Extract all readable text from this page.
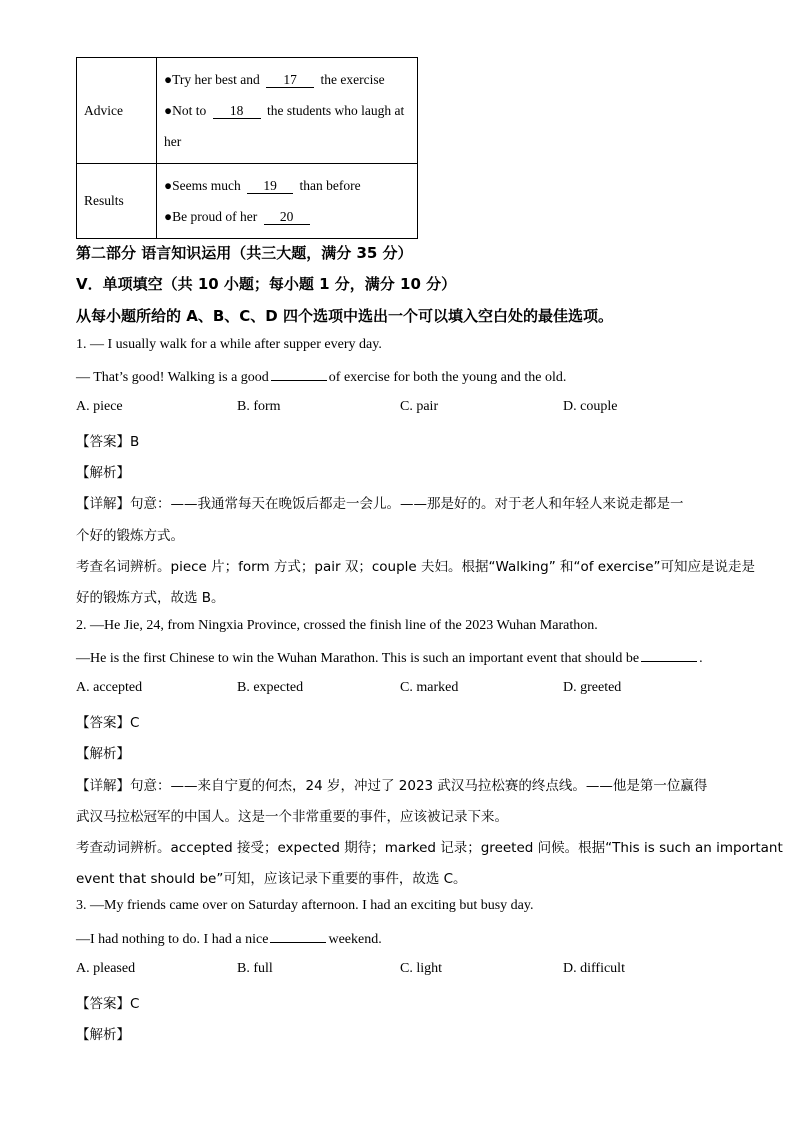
Advice	●Try her best and 17 the exercise
●Not to 18 the students who laugh at
her

Results	●Seems much 19 than before
●Be proud of her 20
第二部分 语言知识运用（共三大题，满分 35 分）
V．单项填空（共 10 小题；每小题 1 分，满分 10 分）
从每小题所给的 A、B、C、D 四个选项中选出一个可以填入空白处的最佳选项。
1. — I usually walk for a while after supper every day.
— That’s good! Walking is a good	of exercise for both the young and the old.
A. piece	B. form	C. pair	D. couple
【答案】B
【解析】
【详解】句意：——我通常每天在晚饭后都走一会儿。——那是好的。对于老人和年轻人来说走都是一
个好的锻炼方式。
考查名词辨析。piece 片；form 方式；pair 双；couple 夫妇。根据“Walking” 和“of exercise”可知应是说走是
好的锻炼方式，故选 B。
2. —He Jie, 24, from Ningxia Province, crossed the finish line of the 2023 Wuhan Marathon.
—He is the first Chinese to win the Wuhan Marathon. This is such an important event that should be	.
A. accepted	B. expected	C. marked	D. greeted
【答案】C
【解析】
【详解】句意：——来自宁夏的何杰，24 岁，冲过了 2023 武汉马拉松赛的终点线。——他是第一位赢得
武汉马拉松冠军的中国人。这是一个非常重要的事件，应该被记录下来。
考查动词辨析。accepted 接受；expected 期待；marked 记录；greeted 问候。根据“This is such an important
event that should be”可知，应该记录下重要的事件，故选 C。
3. —My friends came over on Saturday afternoon. I had an exciting but busy day.
—I had nothing to do. I had a nice	weekend.
A. pleased	B. full	C. light	D. difficult
【答案】C
【解析】
